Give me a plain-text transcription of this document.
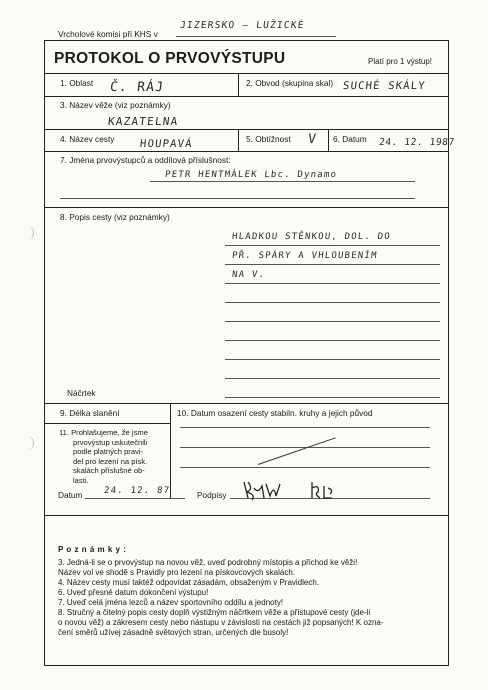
Vrcholové komisi při KHS v
JIZERSKO – LUŽICKÉ
PROTOKOL O PRVOVÝSTUPU	Platí pro 1 výstup!
1. Oblast Č. RÁJ	2. Obvod (skupina skal) SUCHÉ SKÁLY
3. Název věže (viz poznámky)
KAZATELNA
4. Název cesty HOUPAVÁ	5. Obtížnost V 6. Datum 24. 12. 1987
7. Jména prvovýstupců a oddílová příslušnost:
PETR HENTMÁLEK Lbc. Dynamo
8. Popis cesty (viz poznámky)
HLADKOU STĚNKOU, DOL. DO
PŘ. SPÁRY A VHLOUBENÍM
NA V.
Náčrtek
9. Délka slanění	10. Datum osazení cesty stabiln. kruhy a jejich původ
11. Prohlašujeme, že jsme
prvovýstup uskutečnili
podle platných pravi-
del pro lezení na písk.
skalách příslušné ob-
lasti.
Datum 24. 12. 87	Podpisy
P o z n á m k y :
3. Jedná-li se o prvovýstup na novou věž, uveď podrobný místopis a přichod ke věži!
Název vol ve shodě s Pravidly pro lezení na pískovcových skalách.
4. Název cesty musí taktéž odpovídat zásadám, obsaženým v Pravidlech.
6. Uveď přesné datum dokončení výstupu!
7. Uveď celá jména lezců a název sportovního oddílu a jednoty!
8. Stručný a čitelný popis cesty doplň výstižným náčrtkem věže a přístupové cesty (jde-li
o novou věž) a zákresem cesty nebo nástupu v závislosti na cestách již popsaných! K ozna-
čení směrů užívej zásadně světových stran, určených dle busoly!
